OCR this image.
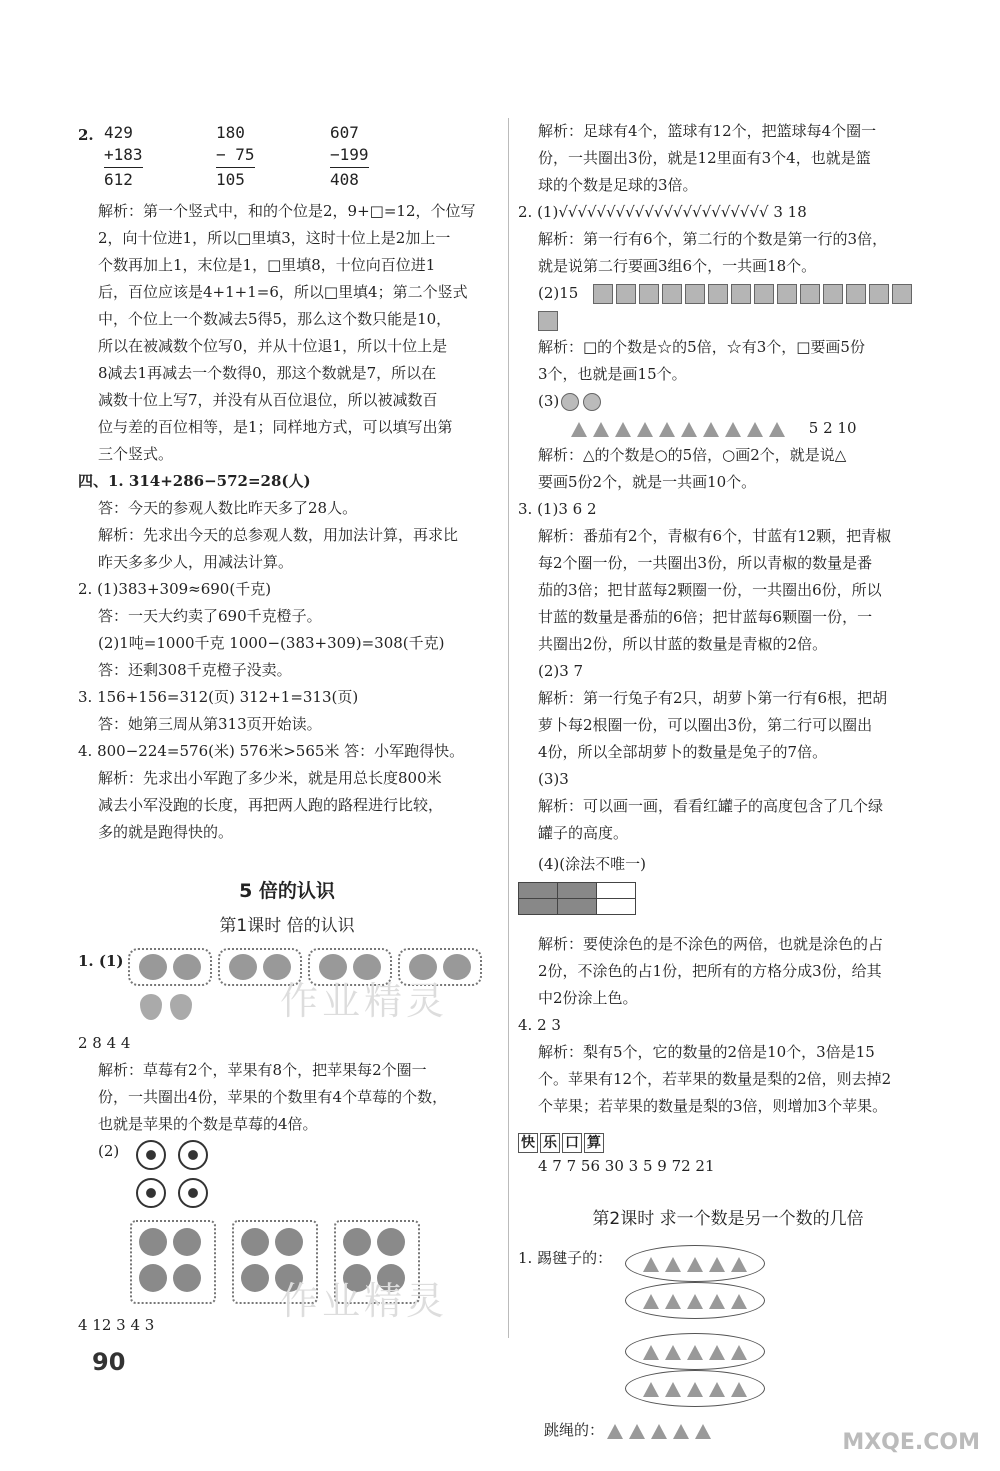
2. 429
+183
612
180
− 75
105
607
−199
408

解析：第一个竖式中，和的个位是2，9+□=12，个位写

2，向十位进1，所以□里填3，这时十位上是2加上一

个数再加上1，末位是1，□里填8，十位向百位进1

后，百位应该是4+1+1=6，所以□里填4；第二个竖式

中，个位上一个数减去5得5，那么这个数只能是10，

所以在被减数个位写0，并从十位退1，所以十位上是

8减去1再减去一个数得0，那这个数就是7，所以在

减数十位上写7，并没有从百位退位，所以被减数百

位与差的百位相等，是1；同样地方式，可以填写出第

三个竖式。

四、1. 314+286−572=28(人)

答：今天的参观人数比昨天多了28人。

解析：先求出今天的总参观人数，用加法计算，再求比

昨天多多少人，用减法计算。

2. (1)383+309≈690(千克)

答：一天大约卖了690千克橙子。

(2)1吨=1000千克 1000−(383+309)=308(千克)

答：还剩308千克橙子没卖。

3. 156+156=312(页) 312+1=313(页)

答：她第三周从第313页开始读。

4. 800−224=576(米) 576米>565米 答：小军跑得快。

解析：先求出小军跑了多少米，就是用总长度800米

减去小军没跑的长度，再把两人跑的路程进行比较，

多的就是跑得快的。

5 倍的认识

第1课时 倍的认识

1. (1)

2 8 4 4

解析：草莓有2个，苹果有8个，把苹果每2个圈一

份，一共圈出4份，苹果的个数里有4个草莓的个数，

也就是苹果的个数是草莓的4倍。

(2)

4 12 3 4 3

解析：足球有4个，篮球有12个，把篮球每4个圈一

份，一共圈出3份，就是12里面有3个4，也就是篮

球的个数是足球的3倍。

2. (1)√√√√√√√√√√√√√√√√√√√√√√ 3 18

解析：第一行有6个，第二行的个数是第一行的3倍，

就是说第二行要画3组6个，一共画18个。

(2)15

解析：□的个数是☆的5倍，☆有3个，□要画5份

3个，也就是画15个。

(3)

5 2 10

解析：△的个数是○的5倍，○画2个，就是说△

要画5份2个，就是一共画10个。

3. (1)3 6 2

解析：番茄有2个，青椒有6个，甘蓝有12颗，把青椒

每2个圈一份，一共圈出3份，所以青椒的数量是番

茄的3倍；把甘蓝每2颗圈一份，一共圈出6份，所以

甘蓝的数量是番茄的6倍；把甘蓝每6颗圈一份，一

共圈出2份，所以甘蓝的数量是青椒的2倍。

(2)3 7

解析：第一行兔子有2只，胡萝卜第一行有6根，把胡

萝卜每2根圈一份，可以圈出3份，第二行可以圈出

4份，所以全部胡萝卜的数量是兔子的7倍。

(3)3

解析：可以画一画，看看红罐子的高度包含了几个绿

罐子的高度。

(4)(涂法不唯一)

解析：要使涂色的是不涂色的两倍，也就是涂色的占

2份，不涂色的占1份，把所有的方格分成3份，给其

中2份涂上色。

4. 2 3

解析：梨有5个，它的数量的2倍是10个，3倍是15

个。苹果有12个，若苹果的数量是梨的2倍，则去掉2

个苹果；若苹果的数量是梨的3倍，则增加3个苹果。

快 乐 口 算

4 7 7 56 30 3 5 9 72 21

第2课时 求一个数是另一个数的几倍

1. 踢毽子的：

跳绳的：

作业精灵
作业精灵
90
MXQE.COM
